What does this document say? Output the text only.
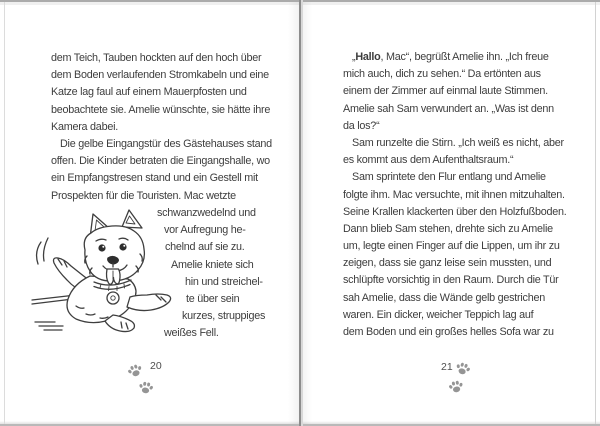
dem Teich, Tauben hockten auf den hoch über
dem Boden verlaufenden Stromkabeln und eine
Katze lag faul auf einem Mauerpfosten und
beobachtete sie. Amelie wünschte, sie hätte ihre
Kamera dabei.
Die gelbe Eingangstür des Gästehauses stand
offen. Die Kinder betraten die Eingangshalle, wo
ein Empfangstresen stand und ein Gestell mit
Prospekten für die Touristen. Mac wetzte
schwanzwedelnd und
vor Aufregung he-
chelnd auf sie zu.
Amelie kniete sich
hin und streichel-
te über sein
kurzes, struppiges
weißes Fell.
20
„Hallo, Mac“, begrüßt Amelie ihn. „Ich freue
mich auch, dich zu sehen.“ Da ertönten aus
einem der Zimmer auf einmal laute Stimmen.
Amelie sah Sam verwundert an. „Was ist denn
da los?“
Sam runzelte die Stirn. „Ich weiß es nicht, aber
es kommt aus dem Aufenthaltsraum.“
Sam sprintete den Flur entlang und Amelie
folgte ihm. Mac versuchte, mit ihnen mitzuhalten.
Seine Krallen klackerten über den Holzfußboden.
Dann blieb Sam stehen, drehte sich zu Amelie
um, legte einen Finger auf die Lippen, um ihr zu
zeigen, dass sie ganz leise sein mussten, und
schlüpfte vorsichtig in den Raum. Durch die Tür
sah Amelie, dass die Wände gelb gestrichen
waren. Ein dicker, weicher Teppich lag auf
dem Boden und ein großes helles Sofa war zu
21
